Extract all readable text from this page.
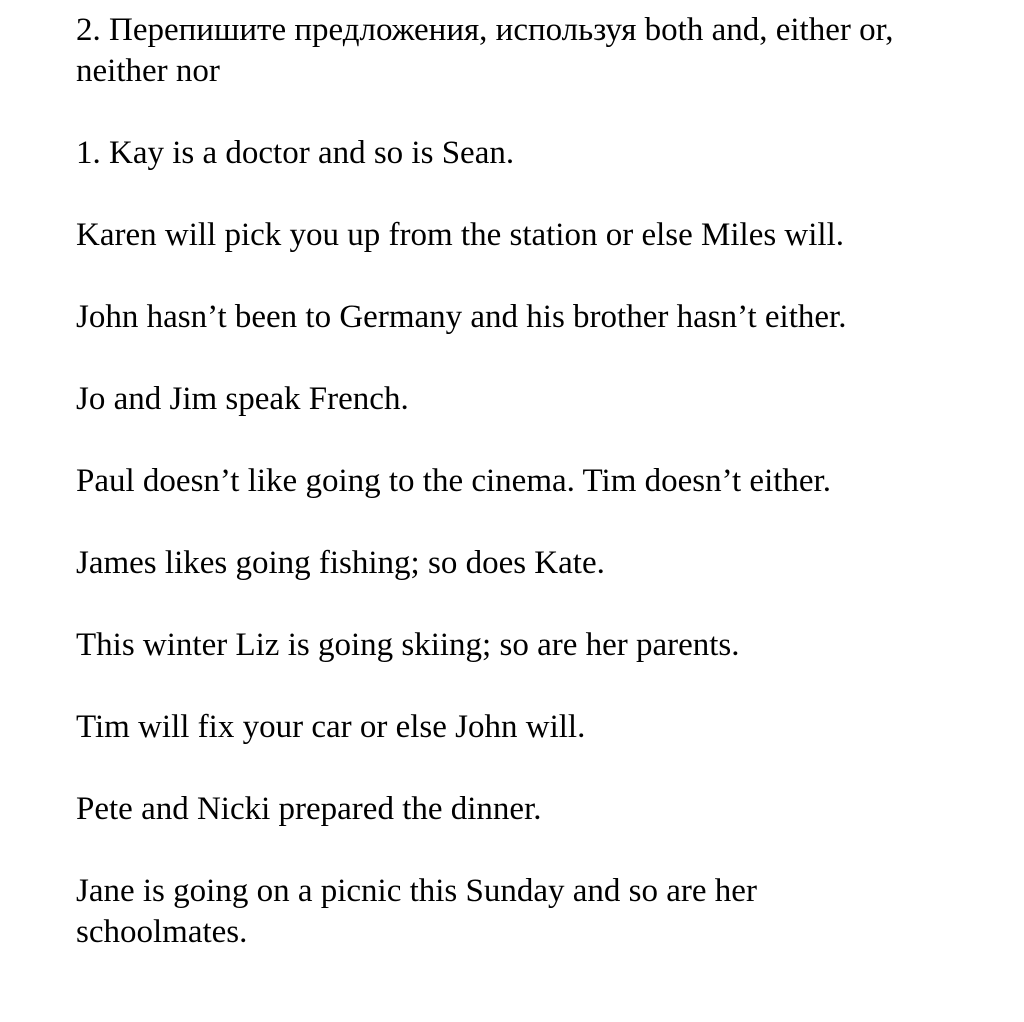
2. Перепишите предложения, используя both and, either or,

neither nor

1. Kay is a doctor and so is Sean.

Karen will pick you up from the station or else Miles will.

John hasn’t been to Germany and his brother hasn’t either.

Jo and Jim speak French.

Paul doesn’t like going to the cinema. Tim doesn’t either.

James likes going fishing; so does Kate.

This winter Liz is going skiing; so are her parents.

Tim will fix your car or else John will.

Pete and Nicki prepared the dinner.

Jane is going on a picnic this Sunday and so are her

schoolmates.
